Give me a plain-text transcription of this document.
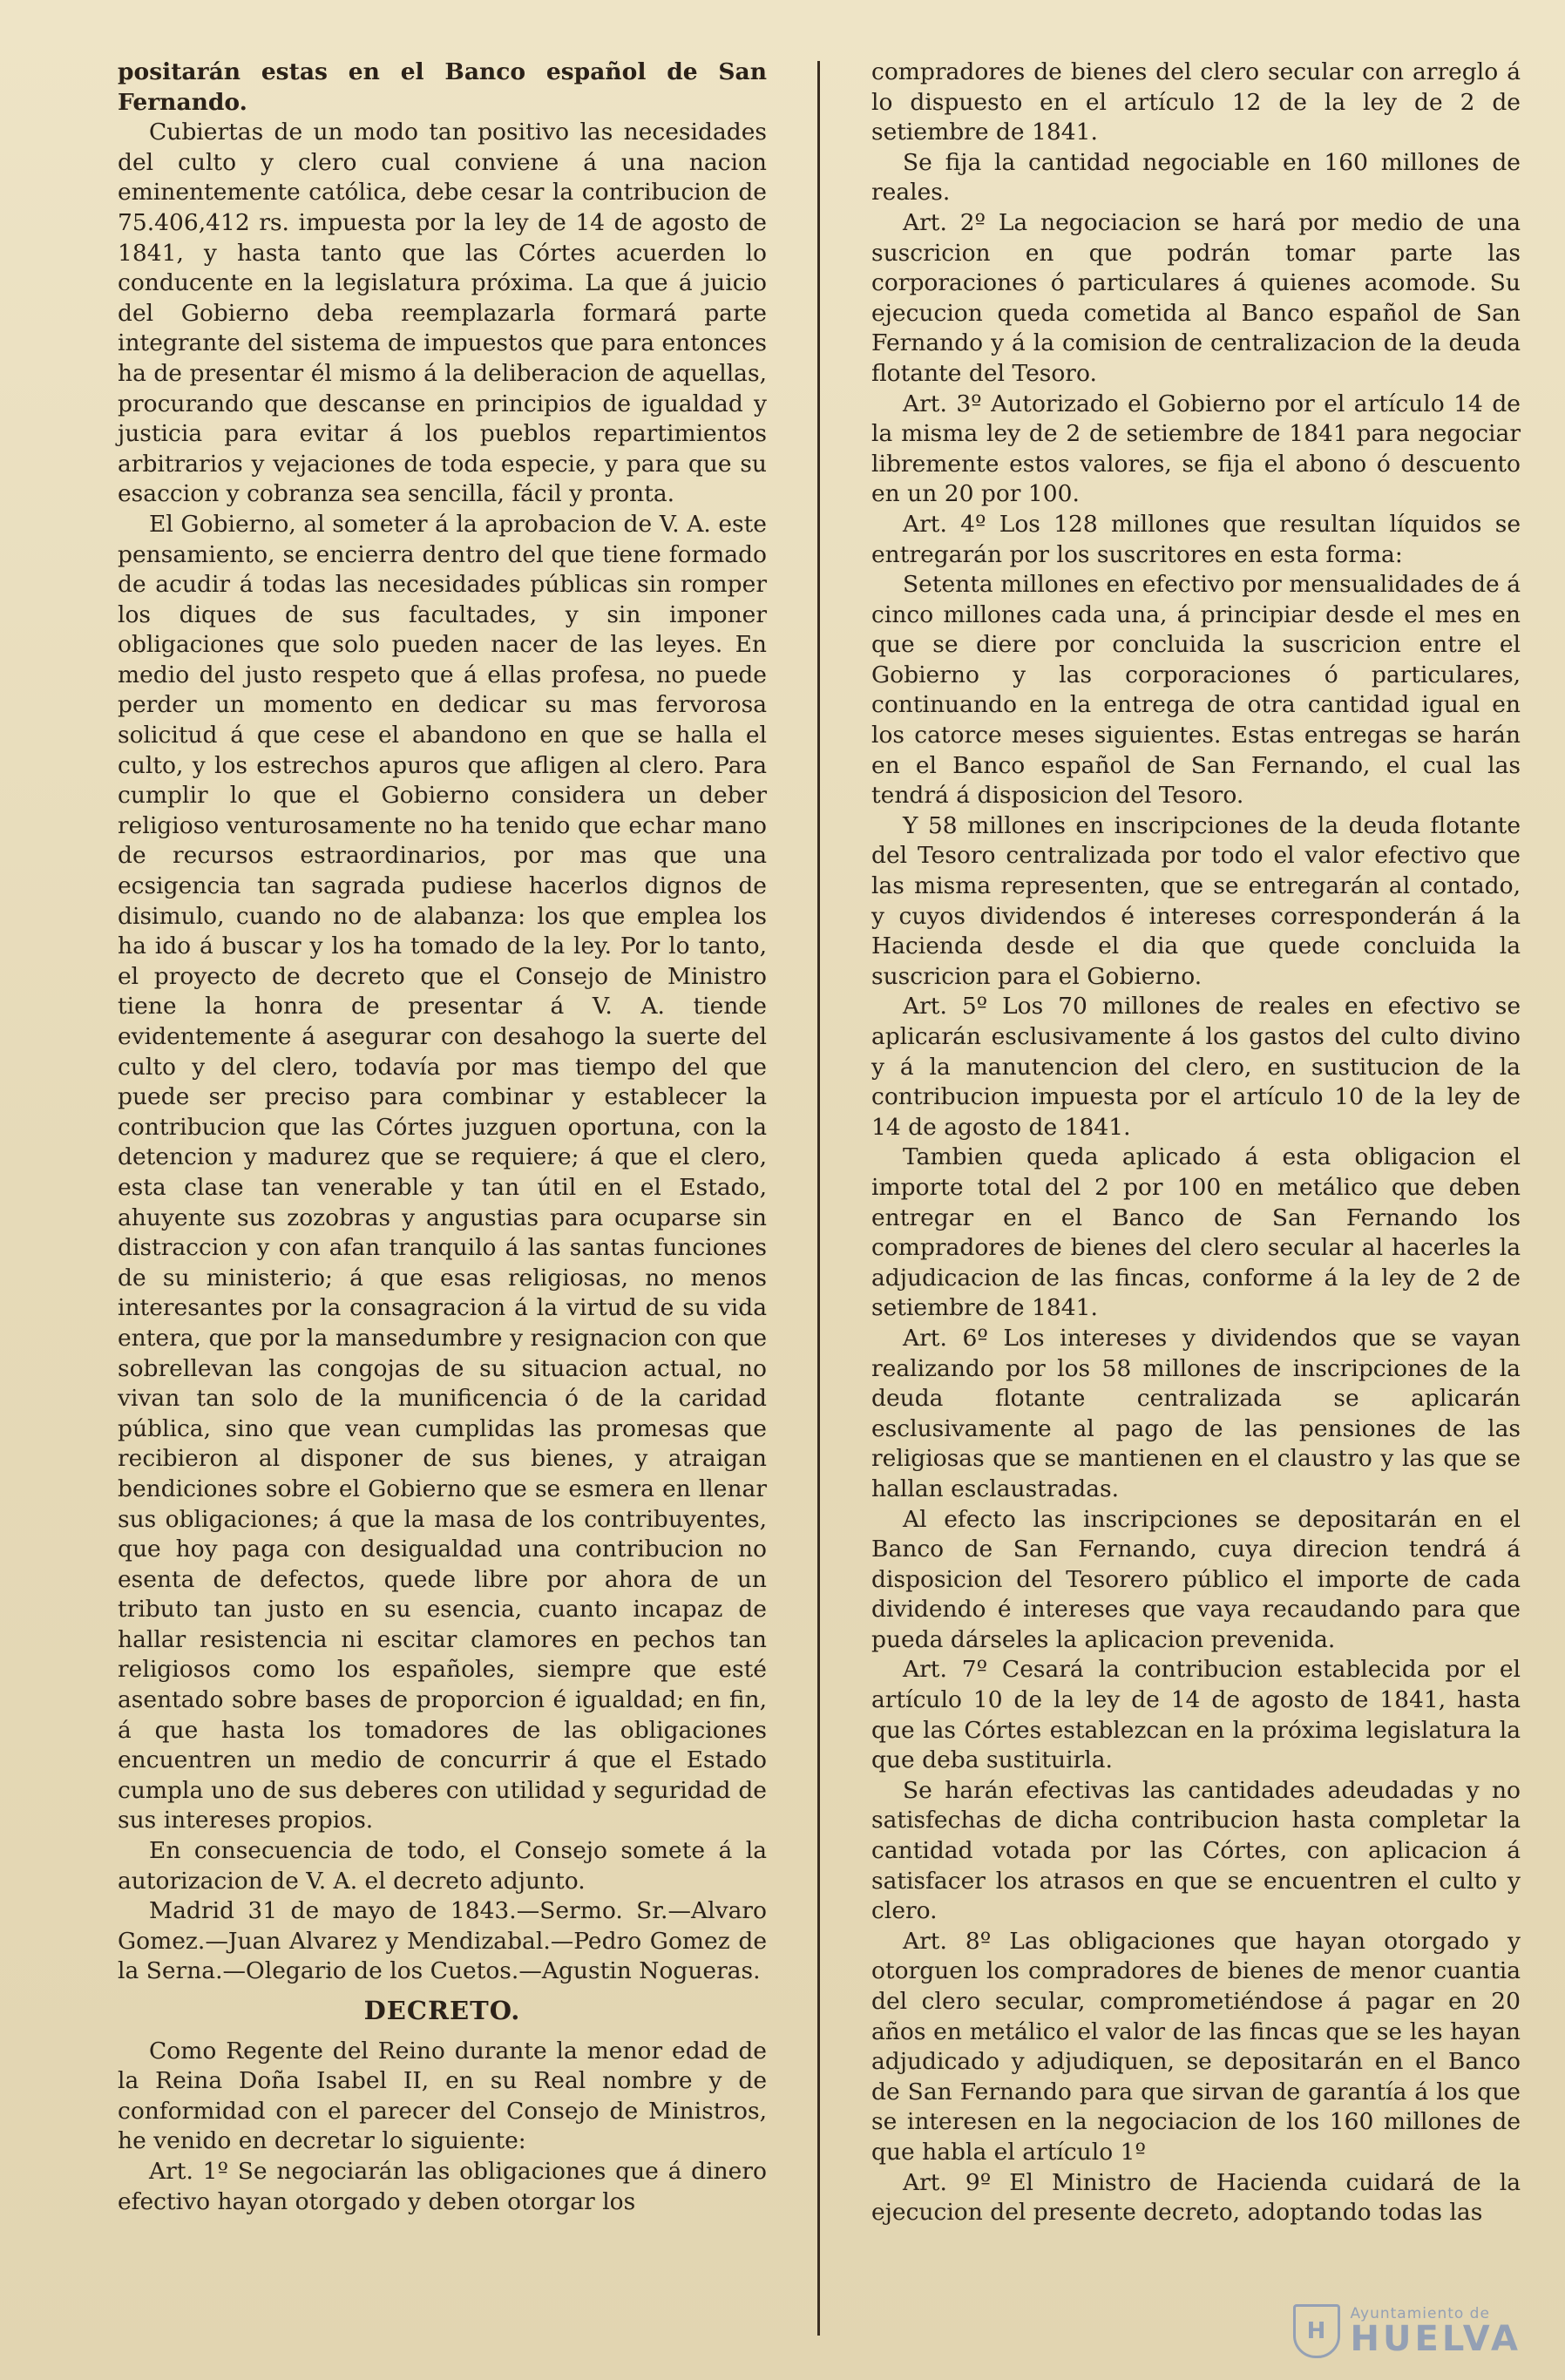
positarán estas en el Banco español de San Fernando.

Cubiertas de un modo tan positivo las necesidades del culto y clero cual conviene á una nacion eminentemente católica, debe cesar la contribucion de 75.406,412 rs. impuesta por la ley de 14 de agosto de 1841, y hasta tanto que las Córtes acuerden lo conducente en la legislatura próxima. La que á juicio del Gobierno deba reemplazarla formará parte integrante del sistema de impuestos que para entonces ha de presentar él mismo á la deliberacion de aquellas, procurando que descanse en principios de igualdad y justicia para evitar á los pueblos repartimientos arbitrarios y vejaciones de toda especie, y para que su esaccion y cobranza sea sencilla, fácil y pronta.

El Gobierno, al someter á la aprobacion de V. A. este pensamiento, se encierra dentro del que tiene formado de acudir á todas las necesidades públicas sin romper los diques de sus facultades, y sin imponer obligaciones que solo pueden nacer de las leyes. En medio del justo respeto que á ellas profesa, no puede perder un momento en dedicar su mas fervorosa solicitud á que cese el abandono en que se halla el culto, y los estrechos apuros que afligen al clero. Para cumplir lo que el Gobierno considera un deber religioso venturosamente no ha tenido que echar mano de recursos estraordinarios, por mas que una ecsigencia tan sagrada pudiese hacerlos dignos de disimulo, cuando no de alabanza: los que emplea los ha ido á buscar y los ha tomado de la ley. Por lo tanto, el proyecto de decreto que el Consejo de Ministro tiene la honra de presentar á V. A. tiende evidentemente á asegurar con desahogo la suerte del culto y del clero, todavía por mas tiempo del que puede ser preciso para combinar y establecer la contribucion que las Córtes juzguen oportuna, con la detencion y madurez que se requiere; á que el clero, esta clase tan venerable y tan útil en el Estado, ahuyente sus zozobras y angustias para ocuparse sin distraccion y con afan tranquilo á las santas funciones de su ministerio; á que esas religiosas, no menos interesantes por la consagracion á la virtud de su vida entera, que por la mansedumbre y resignacion con que sobrellevan las congojas de su situacion actual, no vivan tan solo de la munificencia ó de la caridad pública, sino que vean cumplidas las promesas que recibieron al disponer de sus bienes, y atraigan bendiciones sobre el Gobierno que se esmera en llenar sus obligaciones; á que la masa de los contribuyentes, que hoy paga con desigualdad una contribucion no esenta de defectos, quede libre por ahora de un tributo tan justo en su esencia, cuanto incapaz de hallar resistencia ni escitar clamores en pechos tan religiosos como los españoles, siempre que esté asentado sobre bases de proporcion é igualdad; en fin, á que hasta los tomadores de las obligaciones encuentren un medio de concurrir á que el Estado cumpla uno de sus deberes con utilidad y seguridad de sus intereses propios.

En consecuencia de todo, el Consejo somete á la autorizacion de V. A. el decreto adjunto.

Madrid 31 de mayo de 1843.—Sermo. Sr.—Alvaro Gomez.—Juan Alvarez y Mendizabal.—Pedro Gomez de la Serna.—Olegario de los Cuetos.—Agustin Nogueras.

DECRETO.

Como Regente del Reino durante la menor edad de la Reina Doña Isabel II, en su Real nombre y de conformidad con el parecer del Consejo de Ministros, he venido en decretar lo siguiente:

Art. 1º Se negociarán las obligaciones que á dinero efectivo hayan otorgado y deben otorgar los

compradores de bienes del clero secular con arreglo á lo dispuesto en el artículo 12 de la ley de 2 de setiembre de 1841.

Se fija la cantidad negociable en 160 millones de reales.

Art. 2º La negociacion se hará por medio de una suscricion en que podrán tomar parte las corporaciones ó particulares á quienes acomode. Su ejecucion queda cometida al Banco español de San Fernando y á la comision de centralizacion de la deuda flotante del Tesoro.

Art. 3º Autorizado el Gobierno por el artículo 14 de la misma ley de 2 de setiembre de 1841 para negociar libremente estos valores, se fija el abono ó descuento en un 20 por 100.

Art. 4º Los 128 millones que resultan líquidos se entregarán por los suscritores en esta forma:

Setenta millones en efectivo por mensualidades de á cinco millones cada una, á principiar desde el mes en que se diere por concluida la suscricion entre el Gobierno y las corporaciones ó particulares, continuando en la entrega de otra cantidad igual en los catorce meses siguientes. Estas entregas se harán en el Banco español de San Fernando, el cual las tendrá á disposicion del Tesoro.

Y 58 millones en inscripciones de la deuda flotante del Tesoro centralizada por todo el valor efectivo que las misma representen, que se entregarán al contado, y cuyos dividendos é intereses corresponderán á la Hacienda desde el dia que quede concluida la suscricion para el Gobierno.

Art. 5º Los 70 millones de reales en efectivo se aplicarán esclusivamente á los gastos del culto divino y á la manutencion del clero, en sustitucion de la contribucion impuesta por el artículo 10 de la ley de 14 de agosto de 1841.

Tambien queda aplicado á esta obligacion el importe total del 2 por 100 en metálico que deben entregar en el Banco de San Fernando los compradores de bienes del clero secular al hacerles la adjudicacion de las fincas, conforme á la ley de 2 de setiembre de 1841.

Art. 6º Los intereses y dividendos que se vayan realizando por los 58 millones de inscripciones de la deuda flotante centralizada se aplicarán esclusivamente al pago de las pensiones de las religiosas que se mantienen en el claustro y las que se hallan esclaustradas.

Al efecto las inscripciones se depositarán en el Banco de San Fernando, cuya direcion tendrá á disposicion del Tesorero público el importe de cada dividendo é intereses que vaya recaudando para que pueda dárseles la aplicacion prevenida.

Art. 7º Cesará la contribucion establecida por el artículo 10 de la ley de 14 de agosto de 1841, hasta que las Córtes establezcan en la próxima legislatura la que deba sustituirla.

Se harán efectivas las cantidades adeudadas y no satisfechas de dicha contribucion hasta completar la cantidad votada por las Córtes, con aplicacion á satisfacer los atrasos en que se encuentren el culto y clero.

Art. 8º Las obligaciones que hayan otorgado y otorguen los compradores de bienes de menor cuantia del clero secular, comprometiéndose á pagar en 20 años en metálico el valor de las fincas que se les hayan adjudicado y adjudiquen, se depositarán en el Banco de San Fernando para que sirvan de garantía á los que se interesen en la negociacion de los 160 millones de que habla el artículo 1º

Art. 9º El Ministro de Hacienda cuidará de la ejecucion del presente decreto, adoptando todas las

H
Ayuntamiento de
HUELVA
